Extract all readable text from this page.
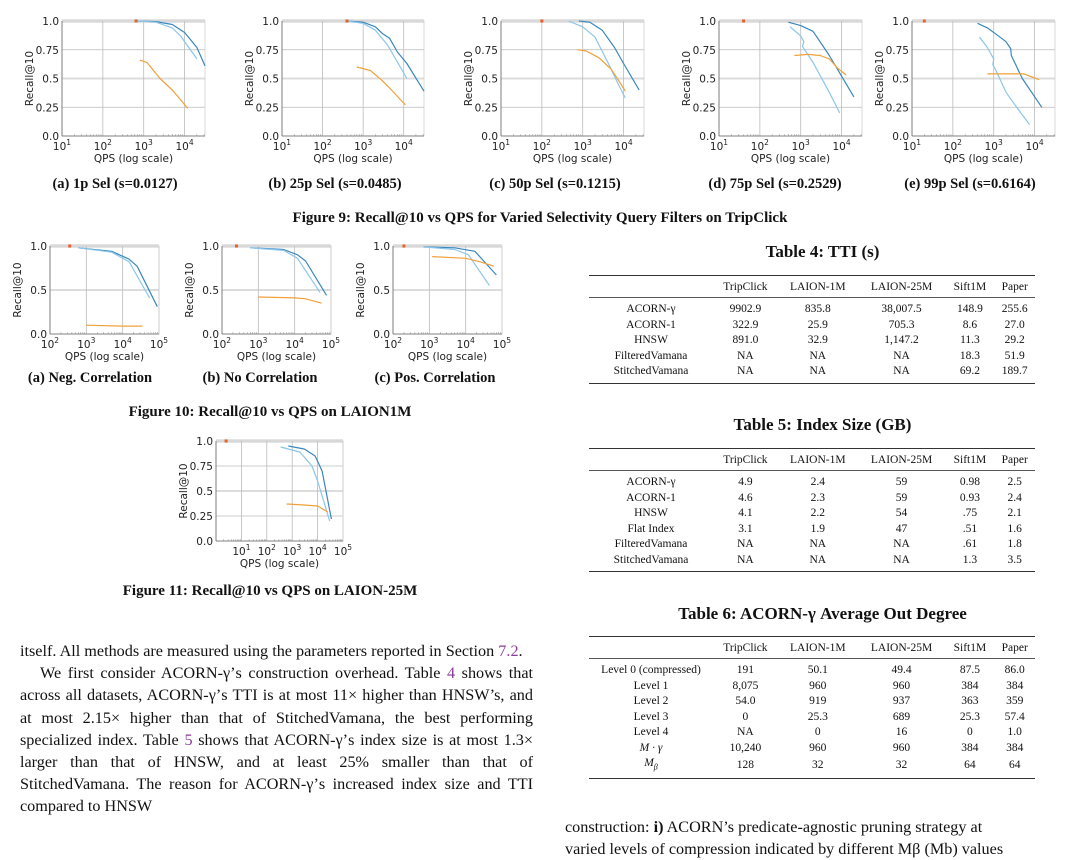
0.0
0.25
0.5
0.75
1.0
$10^1$ $10^2$ $10^3$ $10^4$
QPS (log scale)
Recall@10
0.0
0.25
0.5
0.75
1.0
$10^1$ $10^2$ $10^3$ $10^4$
QPS (log scale)
Recall@10
0.0
0.25
0.5
0.75
1.0
$10^1$ $10^2$ $10^3$ $10^4$
QPS (log scale)
Recall@10
0.0
0.25
0.5
0.75
1.0
$10^1$ $10^2$ $10^3$ $10^4$
QPS (log scale)
Recall@10
0.0
0.25
0.5
0.75
1.0
$10^1$ $10^2$ $10^3$ $10^4$
QPS (log scale)
Recall@10
(a) 1p Sel (s=0.0127)	(b) 25p Sel (s=0.0485)	(c) 50p Sel (s=0.1215)	(d) 75p Sel (s=0.2529)	(e) 99p Sel (s=0.6164)
Figure 9: Recall@10 vs QPS for Varied Selectivity Query Filters on TripClick
0.0
0.5
1.0
$10^2$ $10^3$ $10^4$ $10^5$
QPS (log scale)
Recall@10
0.0
0.5
1.0
$10^2$ $10^3$ $10^4$ $10^5$
QPS (log scale)
Recall@10
0.0
0.5
1.0
$10^2$ $10^3$ $10^4$ $10^5$
QPS (log scale)
Recall@10
(a) Neg. Correlation	(b) No Correlation	(c) Pos. Correlation
Figure 10: Recall@10 vs QPS on LAION1M
0.0
0.25
0.5
0.75
1.0
$10^1$ $10^2$ $10^3$ $10^4$ $10^5$
QPS (log scale)
Recall@10
Figure 11: Recall@10 vs QPS on LAION-25M
Table 4: TTI (s)
	TripClick	LAION-1M	LAION-25M	Sift1M	Paper
ACORN-γ	9902.9	835.8	38,007.5	148.9	255.6
ACORN-1	322.9	25.9	705.3	8.6	27.0
HNSW	891.0	32.9	1,147.2	11.3	29.2
FilteredVamana	NA	NA	NA	18.3	51.9
StitchedVamana	NA	NA	NA	69.2	189.7
Table 5: Index Size (GB)
	TripClick	LAION-1M	LAION-25M	Sift1M	Paper
ACORN-γ	4.9	2.4	59	0.98	2.5
ACORN-1	4.6	2.3	59	0.93	2.4
HNSW	4.1	2.2	54	.75	2.1
Flat Index	3.1	1.9	47	.51	1.6
FilteredVamana	NA	NA	NA	.61	1.8
StitchedVamana	NA	NA	NA	1.3	3.5
Table 6: ACORN-γ Average Out Degree
	TripClick	LAION-1M	LAION-25M	Sift1M	Paper
Level 0 (compressed)	191	50.1	49.4	87.5	86.0
Level 1	8,075	960	960	384	384
Level 2	54.0	919	937	363	359
Level 3	0	25.3	689	25.3	57.4
Level 4	NA	0	16	0	1.0
M · γ	10,240	960	960	384	384
$M_\beta$	128	32	32	64	64
itself. All methods are measured using the parameters reported in Section 7.2.
We first consider ACORN-γ’s construction overhead. Table 4 shows that across all datasets, ACORN-γ’s TTI is at most 11× higher than HNSW’s, and at most 2.15× higher than that of StitchedVamana, the best performing specialized index. Table 5 shows that ACORN-γ’s index size is at most 1.3× larger than that of HNSW, and at least 25% smaller than that of StitchedVamana. The reason for ACORN-γ’s increased index size and TTI compared to HNSW
construction: i) ACORN’s predicate-agnostic pruning strategy at
varied levels of compression indicated by different Mβ (Mb) values
